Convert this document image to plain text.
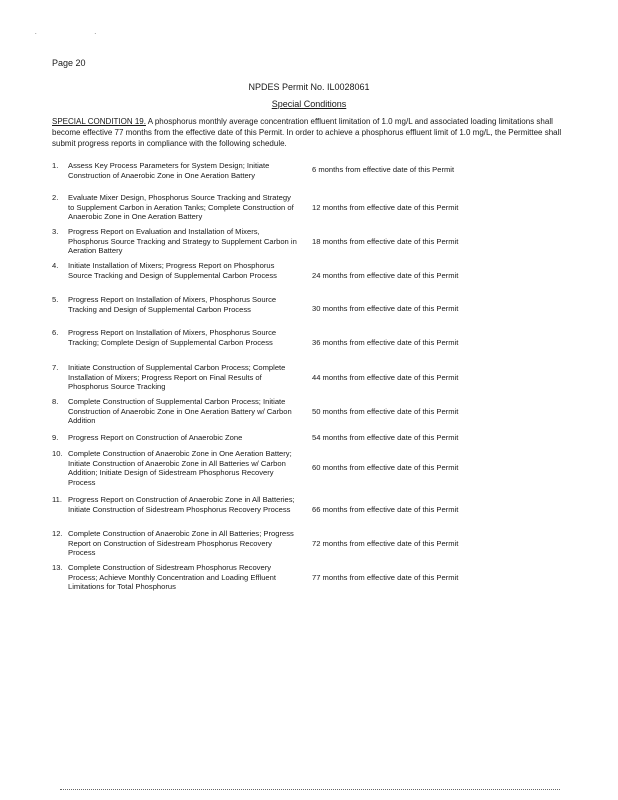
. .
Page 20
NPDES Permit No. IL0028061
Special Conditions
SPECIAL CONDITION 19. A phosphorus monthly average concentration effluent limitation of 1.0 mg/L and associated loading limitations shall become effective 77 months from the effective date of this Permit. In order to achieve a phosphorus effluent limit of 1.0 mg/L, the Permittee shall submit progress reports in compliance with the following schedule.
1.	Assess Key Process Parameters for System Design; Initiate Construction of Anaerobic Zone in One Aeration Battery
6 months from effective date of this Permit
2.	Evaluate Mixer Design, Phosphorus Source Tracking and Strategy to Supplement Carbon in Aeration Tanks; Complete Construction of Anaerobic Zone in One Aeration Battery
12 months from effective date of this Permit
3.	Progress Report on Evaluation and Installation of Mixers, Phosphorus Source Tracking and Strategy to Supplement Carbon in Aeration Battery
18 months from effective date of this Permit
4.	Initiate Installation of Mixers; Progress Report on Phosphorus Source Tracking and Design of Supplemental Carbon Process	24 months from effective date of this Permit
5.	Progress Report on Installation of Mixers, Phosphorus Source Tracking and Design of Supplemental Carbon Process	30 months from effective date of this Permit
6.	Progress Report on Installation of Mixers, Phosphorus Source Tracking; Complete Design of Supplemental Carbon Process	36 months from effective date of this Permit
7.	Initiate Construction of Supplemental Carbon Process; Complete Installation of Mixers; Progress Report on Final Results of Phosphorus Source Tracking
44 months from effective date of this Permit
8.	Complete Construction of Supplemental Carbon Process; Initiate Construction of Anaerobic Zone in One Aeration Battery w/ Carbon Addition
50 months from effective date of this Permit
9.	Progress Report on Construction of Anaerobic Zone	54 months from effective date of this Permit
10. Complete Construction of Anaerobic Zone in One Aeration Battery; Initiate Construction of Anaerobic Zone in All Batteries w/ Carbon Addition; Initiate Design of Sidestream Phosphorus Recovery Process
60 months from effective date of this Permit
11. Progress Report on Construction of Anaerobic Zone in All Batteries; Initiate Construction of Sidestream Phosphorus Recovery Process	66 months from effective date of this Permit
12. Complete Construction of Anaerobic Zone in All Batteries; Progress Report on Construction of Sidestream Phosphorus Recovery Process
72 months from effective date of this Permit
13. Complete Construction of Sidestream Phosphorus Recovery Process; Achieve Monthly Concentration and Loading Effluent Limitations for Total Phosphorus
77 months from effective date of this Permit
